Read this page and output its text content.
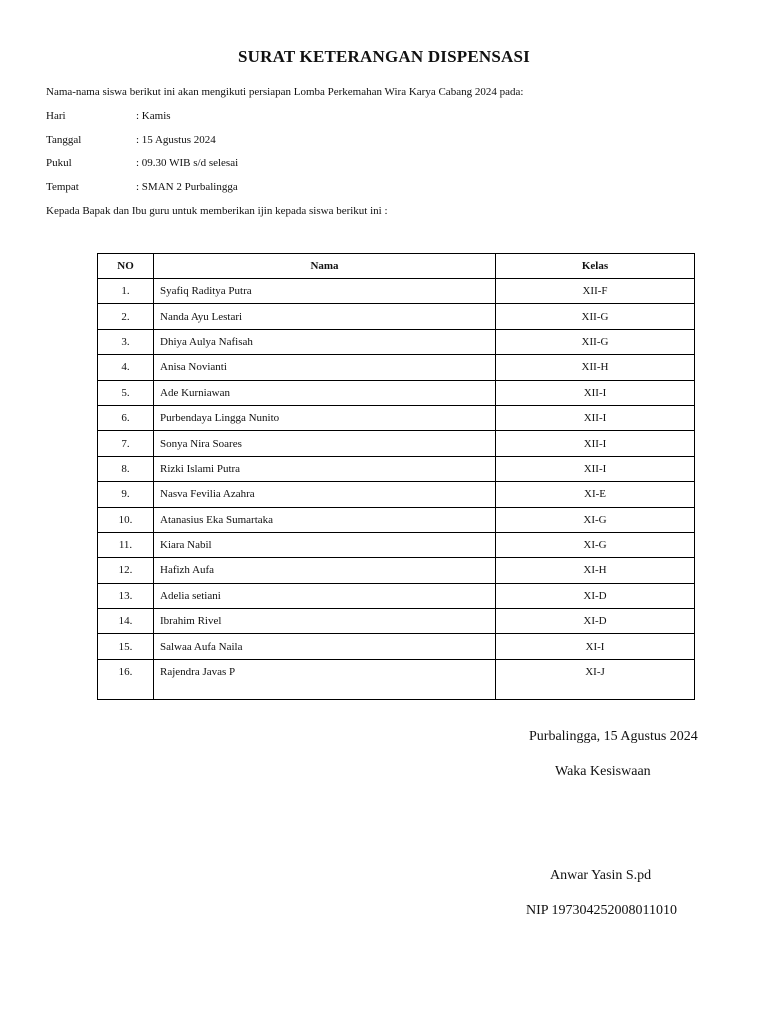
SURAT KETERANGAN DISPENSASI
Nama-nama siswa berikut ini akan mengikuti persiapan Lomba Perkemahan Wira Karya Cabang 2024 pada:
Hari	: Kamis
Tanggal	: 15 Agustus 2024
Pukul	: 09.30 WIB s/d selesai
Tempat	: SMAN 2 Purbalingga
Kepada Bapak dan Ibu guru untuk memberikan ijin kepada siswa berikut ini :
NO	Nama	Kelas
1.	Syafiq Raditya Putra	XII-F
2.	Nanda Ayu Lestari	XII-G
3.	Dhiya Aulya Nafisah	XII-G
4.	Anisa Novianti	XII-H
5.	Ade Kurniawan	XII-I
6.	Purbendaya Lingga Nunito	XII-I
7.	Sonya Nira Soares	XII-I
8.	Rizki Islami Putra	XII-I
9.	Nasva Fevilia Azahra	XI-E
10.	Atanasius Eka Sumartaka	XI-G
11.	Kiara Nabil	XI-G
12.	Hafizh Aufa	XI-H
13.	Adelia setiani	XI-D
14.	Ibrahim Rivel	XI-D
15.	Salwaa Aufa Naila	XI-I
16.	Rajendra Javas P	XI-J
Purbalingga, 15 Agustus 2024
Waka Kesiswaan
Anwar Yasin S.pd
NIP 197304252008011010
